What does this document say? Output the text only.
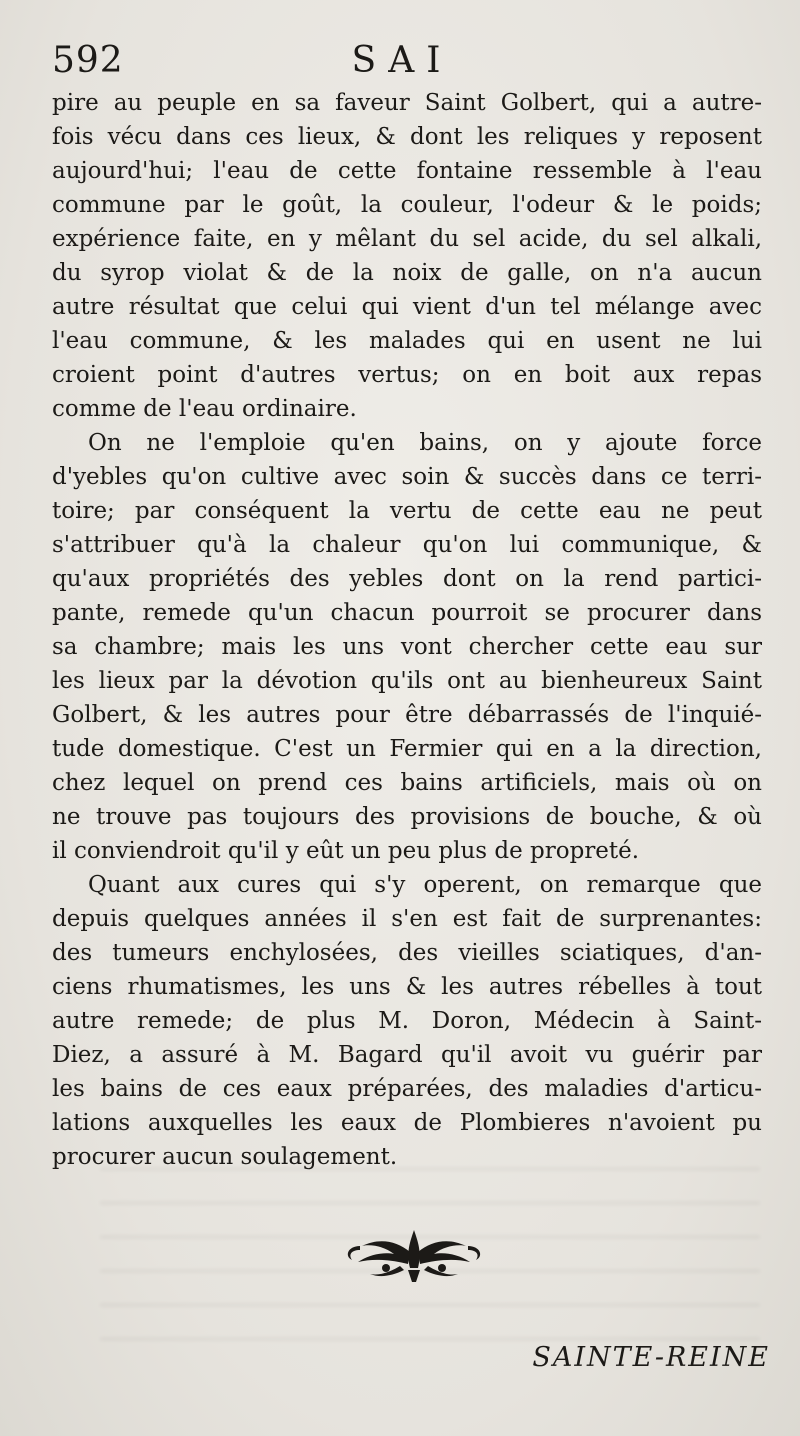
592	SAI
pire au peuple en sa faveur Saint Golbert, qui a autre-
fois vécu dans ces lieux, & dont les reliques y reposent
aujourd'hui; l'eau de cette fontaine ressemble à l'eau
commune par le goût, la couleur, l'odeur & le poids;
expérience faite, en y mêlant du sel acide, du sel alkali,
du syrop violat & de la noix de galle, on n'a aucun
autre résultat que celui qui vient d'un tel mélange avec
l'eau commune, & les malades qui en usent ne lui
croient point d'autres vertus; on en boit aux repas
comme de l'eau ordinaire.
On ne l'emploie qu'en bains, on y ajoute force
d'yebles qu'on cultive avec soin & succès dans ce terri-
toire; par conséquent la vertu de cette eau ne peut
s'attribuer qu'à la chaleur qu'on lui communique, &
qu'aux propriétés des yebles dont on la rend partici-
pante, remede qu'un chacun pourroit se procurer dans
sa chambre; mais les uns vont chercher cette eau sur
les lieux par la dévotion qu'ils ont au bienheureux Saint
Golbert, & les autres pour être débarrassés de l'inquié-
tude domestique. C'est un Fermier qui en a la direction,
chez lequel on prend ces bains artificiels, mais où on
ne trouve pas toujours des provisions de bouche, & où
il conviendroit qu'il y eût un peu plus de propreté.
Quant aux cures qui s'y operent, on remarque que
depuis quelques années il s'en est fait de surprenantes:
des tumeurs enchylosées, des vieilles sciatiques, d'an-
ciens rhumatismes, les uns & les autres rébelles à tout
autre remede; de plus M. Doron, Médecin à Saint-
Diez, a assuré à M. Bagard qu'il avoit vu guérir par
les bains de ces eaux préparées, des maladies d'articu-
lations auxquelles les eaux de Plombieres n'avoient pu
procurer aucun soulagement.
SAINTE-REINE
